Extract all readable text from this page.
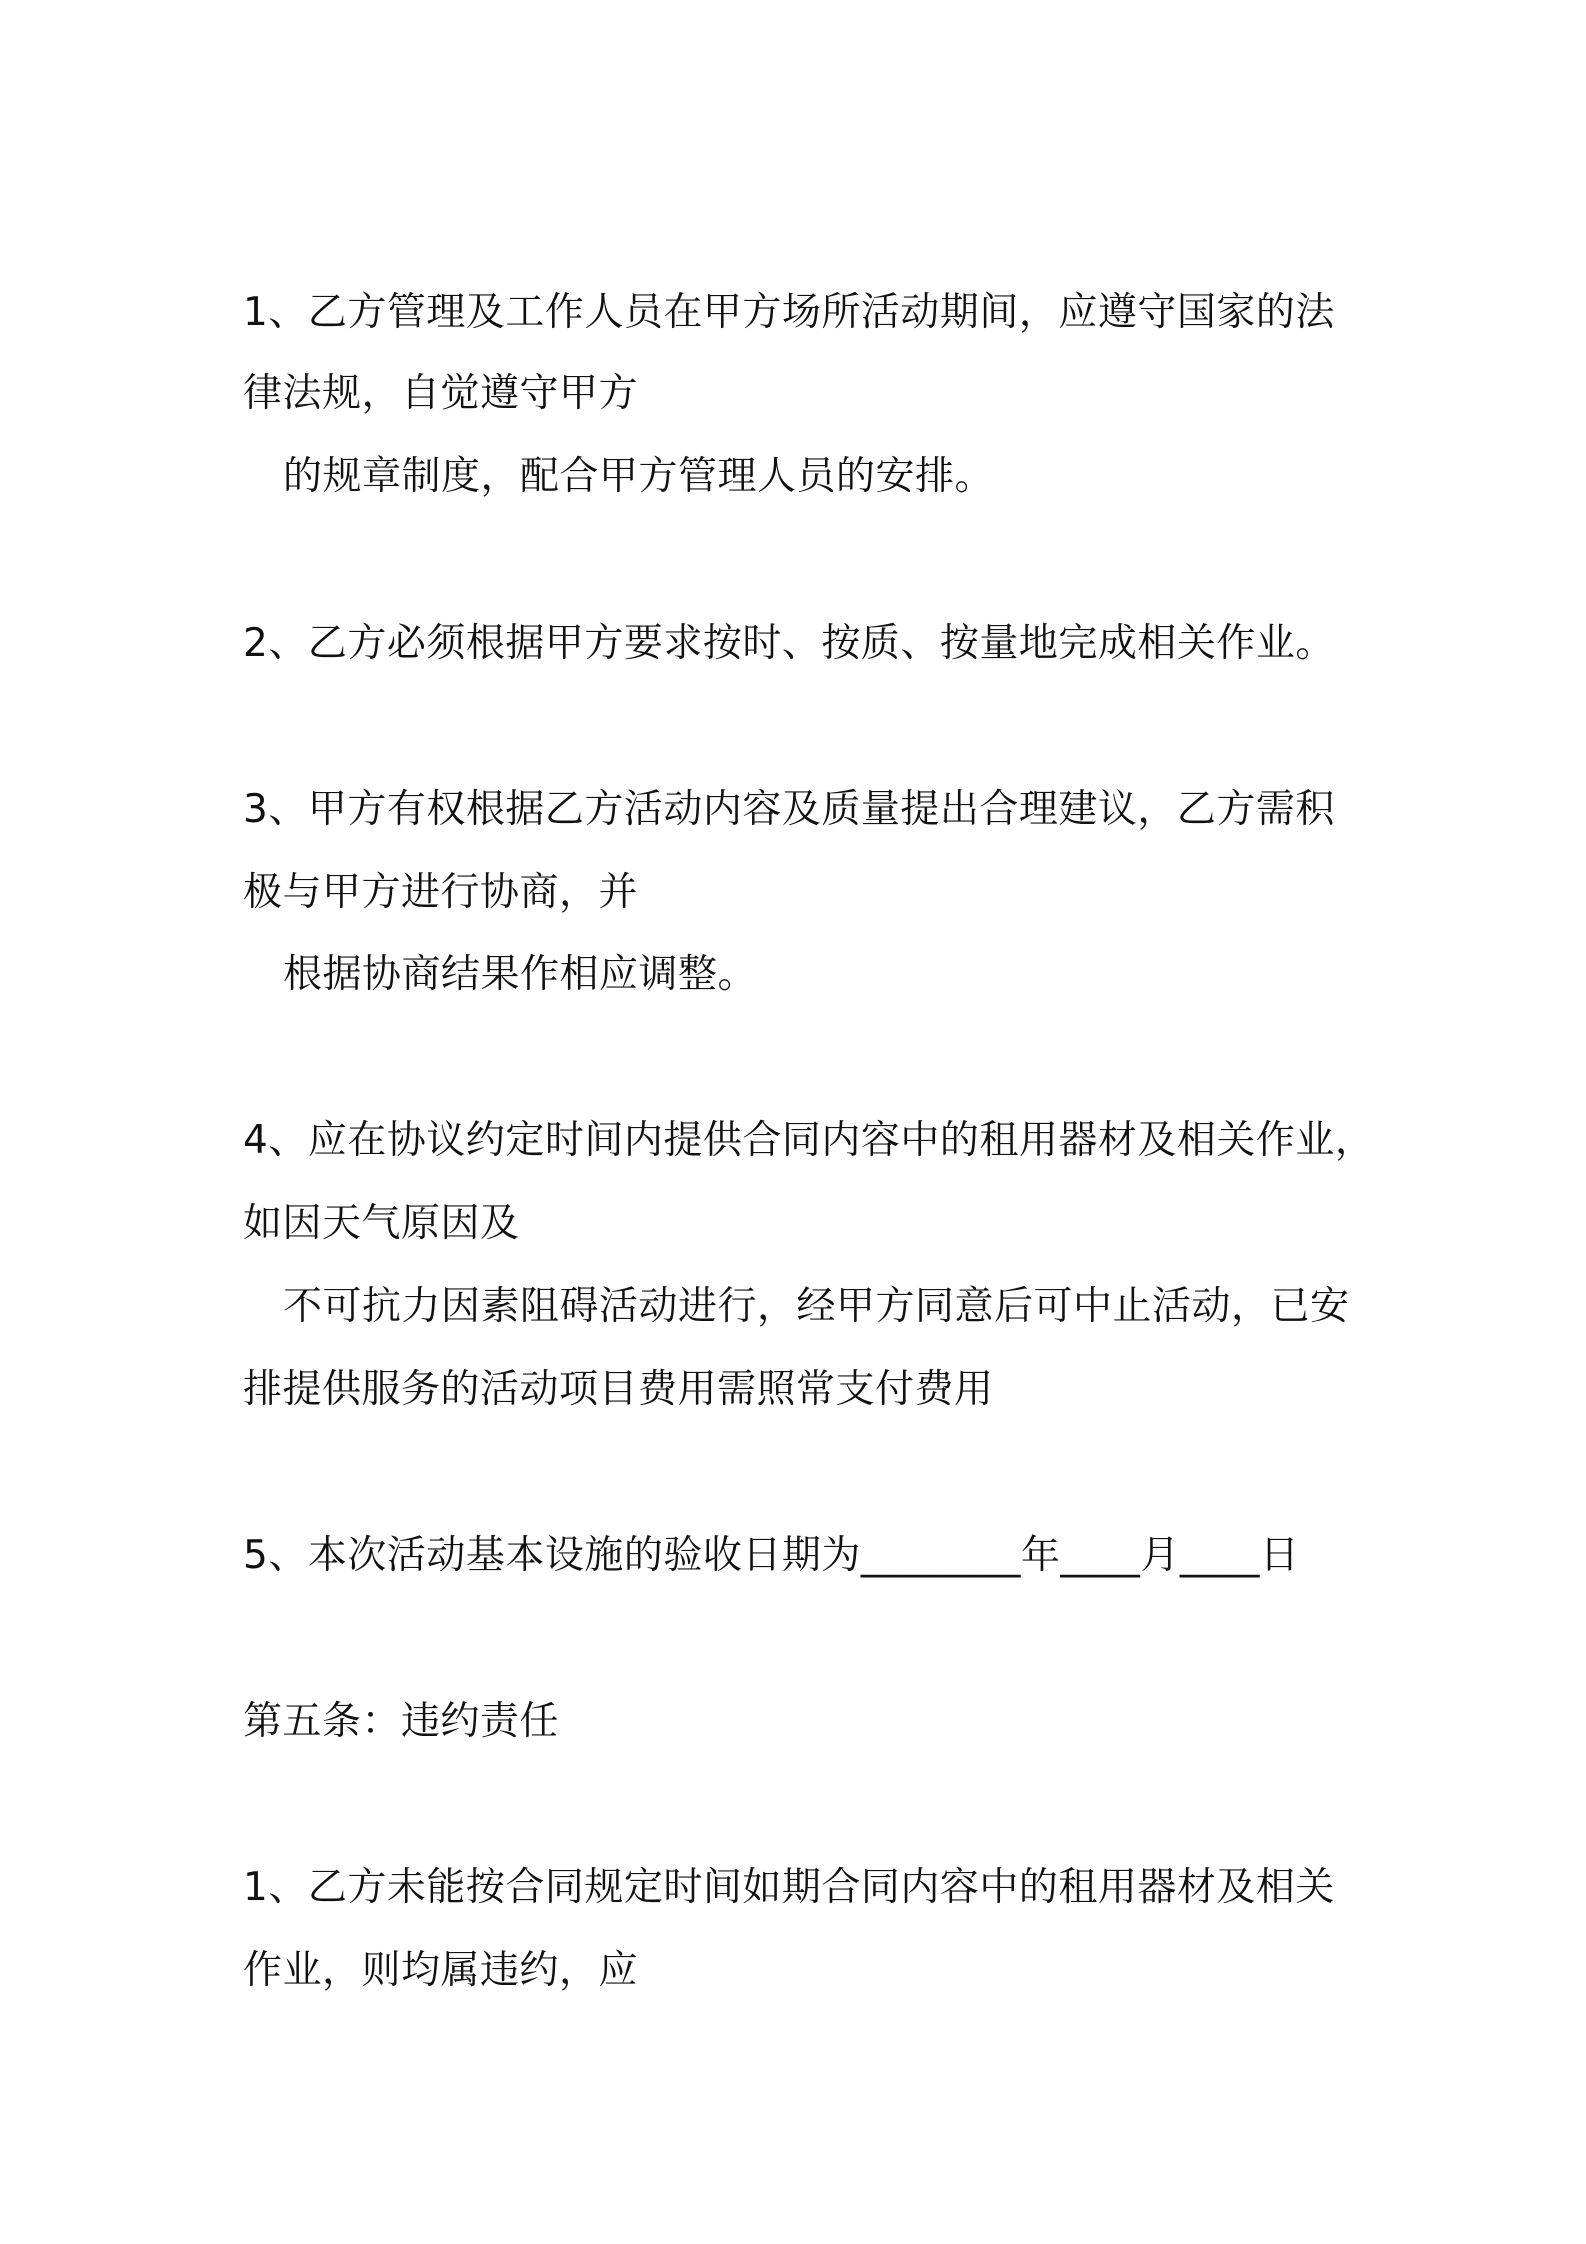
1、乙方管理及工作人员在甲方场所活动期间，应遵守国家的法
律法规，自觉遵守甲方
的规章制度，配合甲方管理人员的安排。
2、乙方必须根据甲方要求按时、按质、按量地完成相关作业。
3、甲方有权根据乙方活动内容及质量提出合理建议，乙方需积
极与甲方进行协商，并
根据协商结果作相应调整。
4、应在协议约定时间内提供合同内容中的租用器材及相关作业，
如因天气原因及
不可抗力因素阻碍活动进行，经甲方同意后可中止活动，已安
排提供服务的活动项目费用需照常支付费用
5、本次活动基本设施的验收日期为________年____月____日
第五条：违约责任
1、乙方未能按合同规定时间如期合同内容中的租用器材及相关
作业，则均属违约，应
